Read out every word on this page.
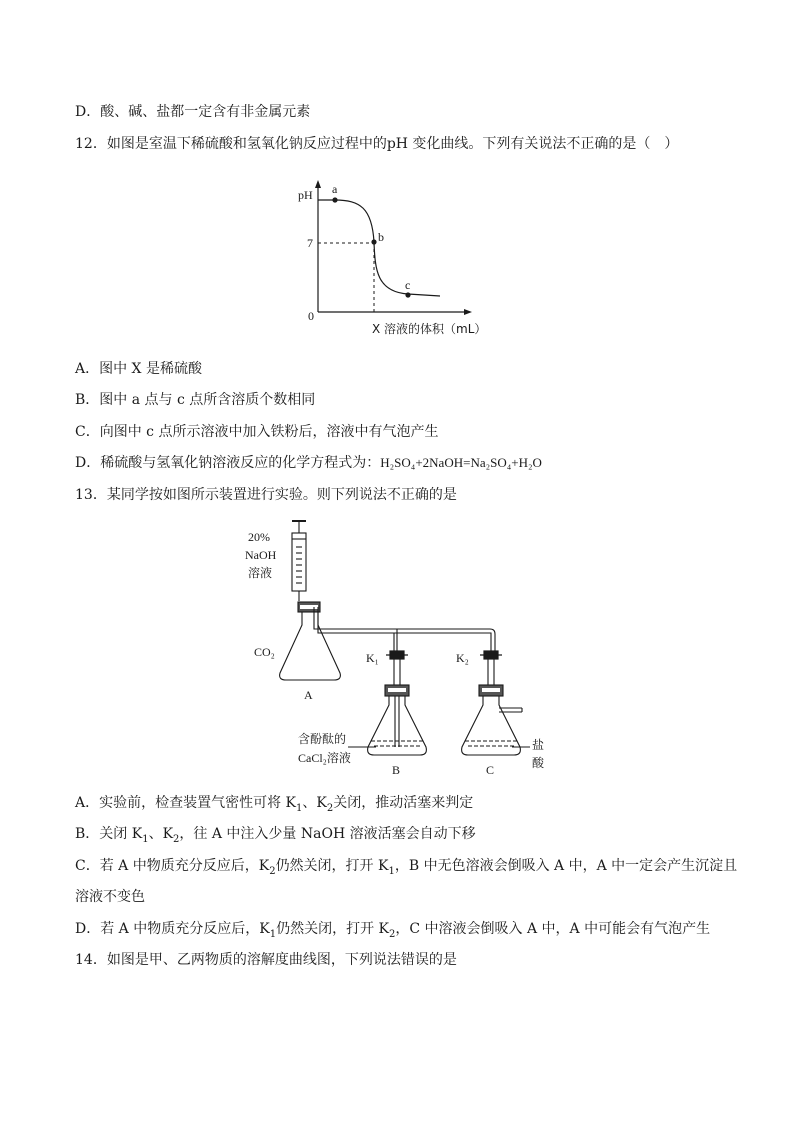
D．酸、碱、盐都一定含有非金属元素
12．如图是室温下稀硫酸和氢氧化钠反应过程中的pH 变化曲线。下列有关说法不正确的是（　）
a
b
c
pH
7
0
X 溶液的体积（mL）
A．图中 X 是稀硫酸
B．图中 a 点与 c 点所含溶质个数相同
C．向图中 c 点所示溶液中加入铁粉后，溶液中有气泡产生
D．稀硫酸与氢氧化钠溶液反应的化学方程式为：H₂SO₄+2NaOH=Na₂SO₄+H₂O
13．某同学按如图所示装置进行实验。则下列说法不正确的是
20%
NaOH
溶液
CO₂
A
K₁	K₂
含酚酞的
CaCl₂溶液
B
盐
酸
C
A．实验前，检查装置气密性可将 $K_1$、$K_2$关闭，推动活塞来判定
B．关闭 $K_1$、$K_2$，往 A 中注入少量 NaOH 溶液活塞会自动下移
C．若 A 中物质充分反应后，$K_2$仍然关闭，打开 $K_1$，B 中无色溶液会倒吸入 A 中，A 中一定会产生沉淀且
溶液不变色
D．若 A 中物质充分反应后，$K_1$仍然关闭，打开 $K_2$，C 中溶液会倒吸入 A 中，A 中可能会有气泡产生
14．如图是甲、乙两物质的溶解度曲线图，下列说法错误的是
